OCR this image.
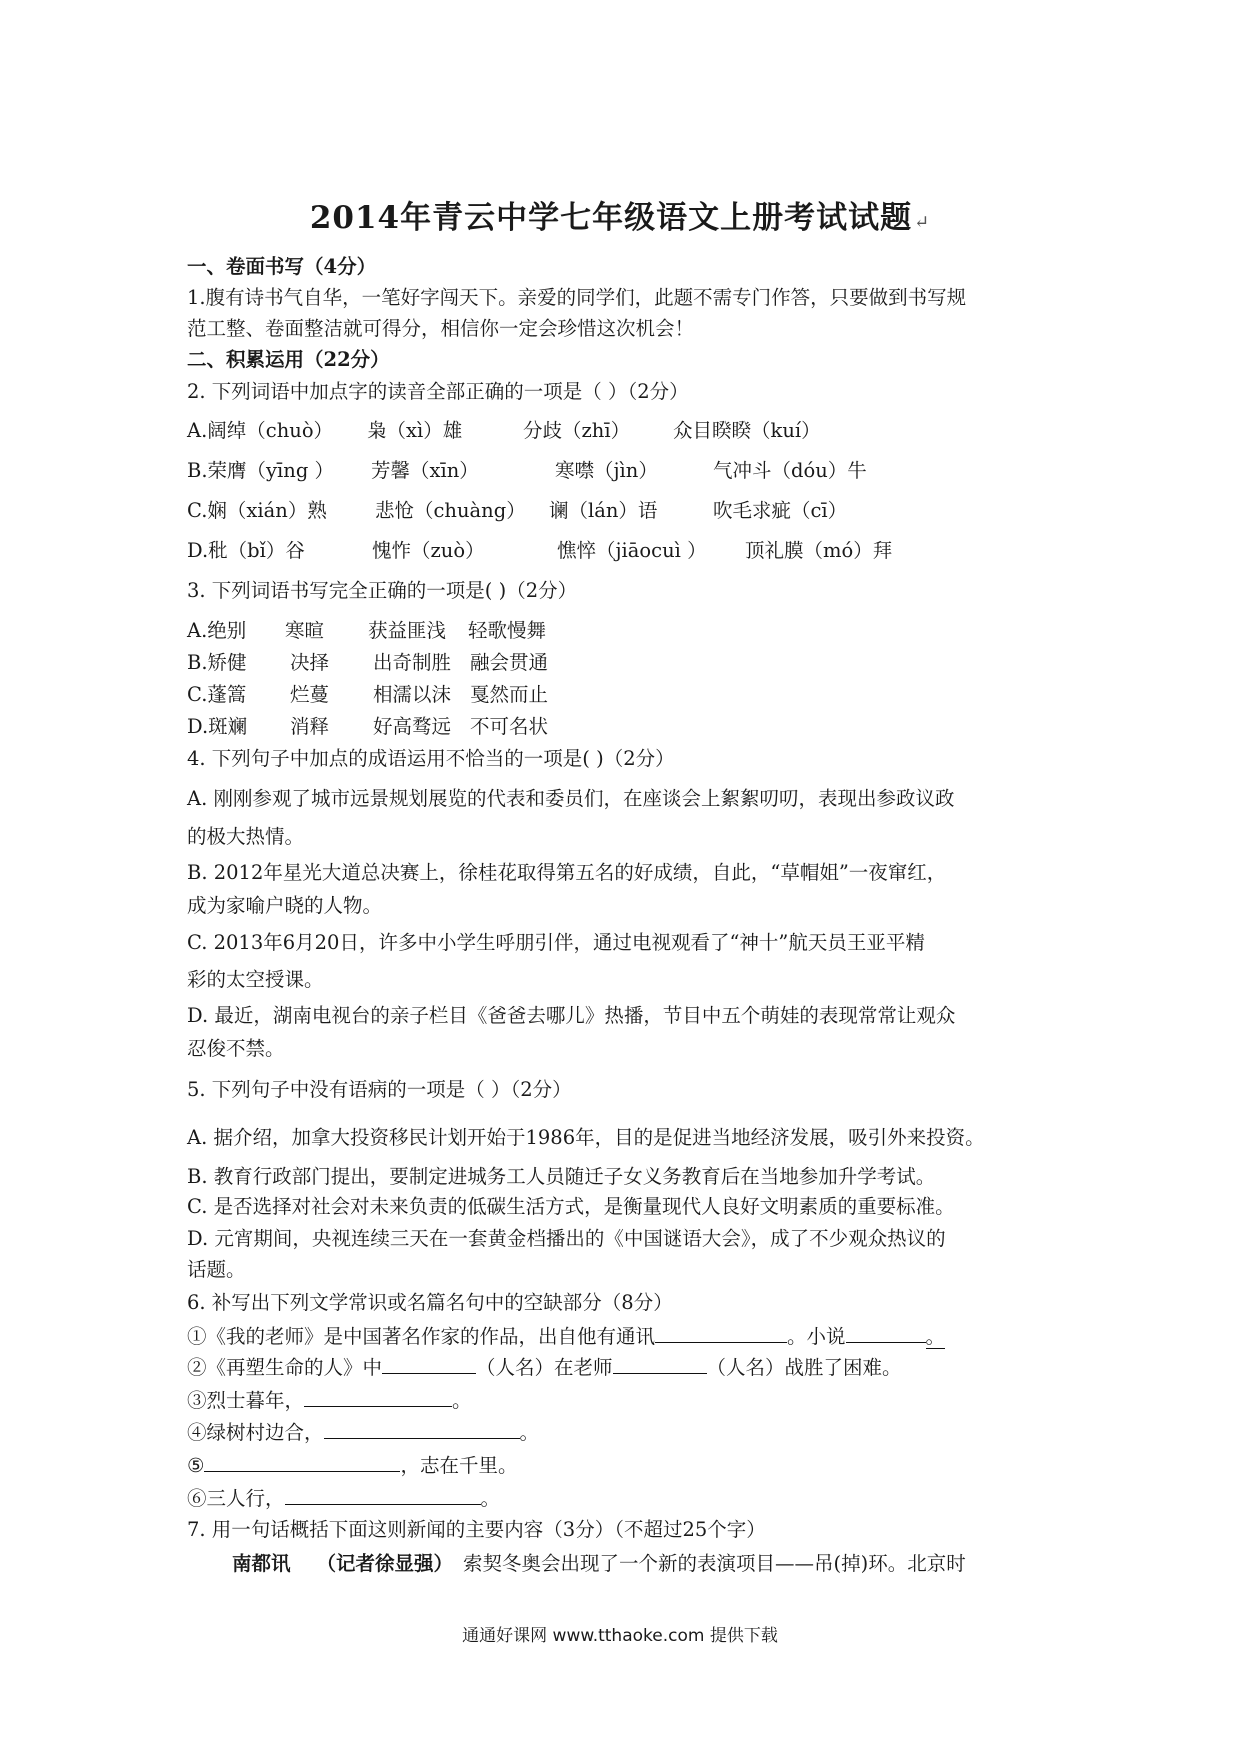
2014年青云中学七年级语文上册考试试题 ↵
一、卷面书写（4分）
1.腹有诗书气自华，一笔好字闯天下。亲爱的同学们，此题不需专门作答，只要做到书写规
范工整、卷面整洁就可得分，相信你一定会珍惜这次机会！
二、积累运用（22分）
2. 下列词语中加点字的读音全部正确的一项是（ ）（2分）
A.阔绰（chuò）	枭（xì）雄	分歧（zhī）	众目睽睽（kuí）
B.荣膺（yīng ）	芳馨（xīn）	寒噤（jìn）	气冲斗（dóu）牛
C.娴（xián）熟	悲怆（chuàng）	谰（lán）语	吹毛求疵（cī）
D.秕（bǐ）谷	愧怍（zuò）	憔悴（jiāocuì ）	顶礼膜（mó）拜
3. 下列词语书写完全正确的一项是( )（2分）
A.绝别	寒暄	获益匪浅	轻歌慢舞
B.矫健	决择	出奇制胜 融会贯通
C.蓬篙	烂蔓	相濡以沫 戛然而止
D.斑斓	消释	好高骛远 不可名状
4. 下列句子中加点的成语运用不恰当的一项是( )（2分）
A. 刚刚参观了城市远景规划展览的代表和委员们，在座谈会上絮絮叨叨，表现出参政议政
的极大热情。
B. 2012年星光大道总决赛上，徐桂花取得第五名的好成绩，自此，“草帽姐”一夜窜红，
成为家喻户晓的人物。
C. 2013年6月20日，许多中小学生呼朋引伴，通过电视观看了“神十”航天员王亚平精
彩的太空授课。
D. 最近，湖南电视台的亲子栏目《爸爸去哪儿》热播，节目中五个萌娃的表现常常让观众
忍俊不禁。
5. 下列句子中没有语病的一项是（ ）（2分）
A. 据介绍，加拿大投资移民计划开始于1986年，目的是促进当地经济发展，吸引外来投资。
B. 教育行政部门提出，要制定进城务工人员随迁子女义务教育后在当地参加升学考试。
C. 是否选择对社会对未来负责的低碳生活方式，是衡量现代人良好文明素质的重要标准。
D. 元宵期间，央视连续三天在一套黄金档播出的《中国谜语大会》，成了不少观众热议的
话题。
6. 补写出下列文学常识或名篇名句中的空缺部分（8分）
①《我的老师》是中国著名作家的作品，出自他有通讯	。小说	。
②《再塑生命的人》中	（人名）在老师	（人名）战胜了困难。
③烈士暮年，	。
④绿树村边合，	。
⑤	，志在千里。
⑥三人行，	。
7. 用一句话概括下面这则新闻的主要内容（3分）（不超过25个字）
南都讯 （记者徐显强） 索契冬奥会出现了一个新的表演项目——吊(掉)环。北京时
通通好课网 www.tthaoke.com 提供下载
